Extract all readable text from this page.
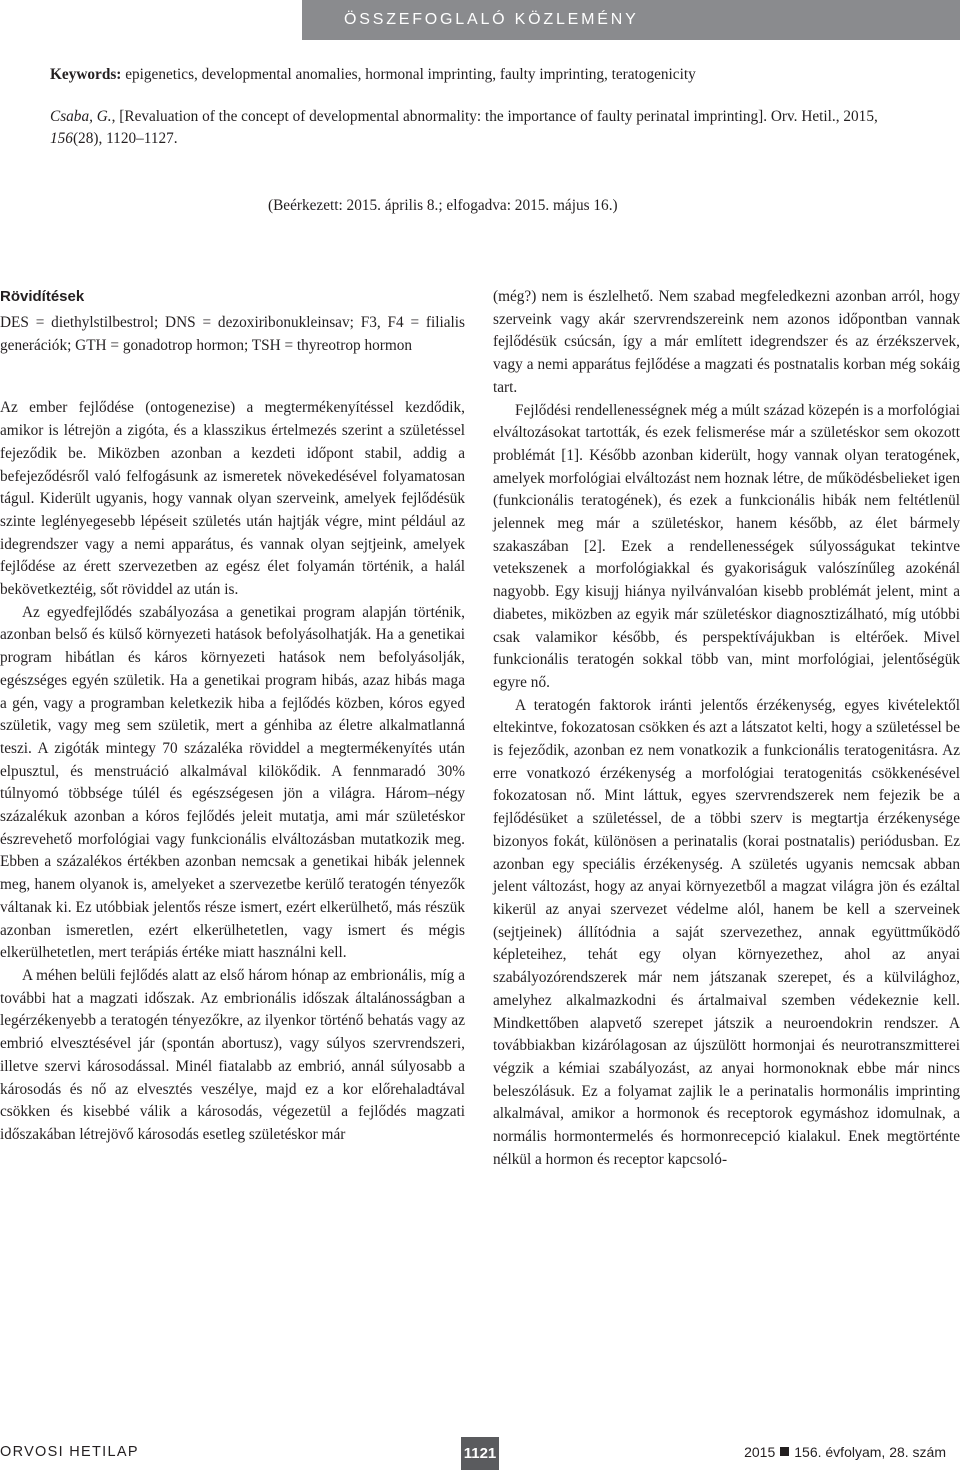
ÖSSZEFOGLALÓ KÖZLEMÉNY

Keywords: epigenetics, developmental anomalies, hormonal imprinting, faulty imprinting, teratogenicity

Csaba, G., [Revaluation of the concept of developmental abnormality: the importance of faulty perinatal imprinting]. Orv. Hetil., 2015, 156(28), 1120–1127.

(Beérkezett: 2015. április 8.; elfogadva: 2015. május 16.)

Rövidítések

DES = diethylstilbestrol; DNS = dezoxiribonukleinsav; F3, F4 = filialis generációk; GTH = gonadotrop hormon; TSH = thyreotrop hormon

Az ember fejlődése (ontogenezise) a megtermékenyítéssel kezdődik, amikor is létrejön a zigóta, és a klasszikus értelmezés szerint a születéssel fejeződik be. Miközben azonban a kezdeti időpont stabil, addig a befejeződésről való felfogásunk az ismeretek növekedésével folyamatosan tágul. Kiderült ugyanis, hogy vannak olyan szerveink, amelyek fejlődésük szinte leglényegesebb lépéseit születés után hajtják végre, mint például az idegrendszer vagy a nemi apparátus, és vannak olyan sejtjeink, amelyek fejlődése az érett szervezetben az egész élet folyamán történik, a halál bekövetkeztéig, sőt röviddel az után is.

Az egyedfejlődés szabályozása a genetikai program alapján történik, azonban belső és külső környezeti hatások befolyásolhatják. Ha a genetikai program hibátlan és káros környezeti hatások nem befolyásolják, egészséges egyén születik. Ha a genetikai program hibás, azaz hibás maga a gén, vagy a programban keletkezik hiba a fejlődés közben, kóros egyed születik, vagy meg sem születik, mert a génhiba az életre alkalmatlanná teszi. A zigóták mintegy 70 százaléka röviddel a megtermékenyítés után elpusztul, és menstruáció alkalmával kilökődik. A fennmaradó 30% túlnyomó többsége túlél és egészségesen jön a világra. Három–négy százalékuk azonban a kóros fejlődés jeleit mutatja, ami már születéskor észrevehető morfológiai vagy funkcionális elváltozásban mutatkozik meg. Ebben a százalékos értékben azonban nemcsak a genetikai hibák jelennek meg, hanem olyanok is, amelyeket a szervezetbe kerülő teratogén tényezők váltanak ki. Ez utóbbiak jelentős része ismert, ezért elkerülhető, más részük azonban ismeretlen, ezért elkerülhetetlen, vagy ismert és mégis elkerülhetetlen, mert terápiás értéke miatt használni kell.

A méhen belüli fejlődés alatt az első három hónap az embrionális, míg a további hat a magzati időszak. Az embrionális időszak általánosságban a legérzékenyebb a teratogén tényezőkre, az ilyenkor történő behatás vagy az embrió elvesztésével jár (spontán abortusz), vagy súlyos szervrendszeri, illetve szervi károsodással. Minél fiatalabb az embrió, annál súlyosabb a károsodás és nő az elvesztés veszélye, majd ez a kor előrehaladtával csökken és kisebbé válik a károsodás, végezetül a fejlődés magzati időszakában létrejövő károsodás esetleg születéskor már

(még?) nem is észlelhető. Nem szabad megfeledkezni azonban arról, hogy szerveink vagy akár szervrendszereink nem azonos időpontban vannak fejlődésük csúcsán, így a már említett idegrendszer és az érzékszervek, vagy a nemi apparátus fejlődése a magzati és postnatalis korban még sokáig tart.

Fejlődési rendellenességnek még a múlt század közepén is a morfológiai elváltozásokat tartották, és ezek felismerése már a születéskor sem okozott problémát [1]. Később azonban kiderült, hogy vannak olyan teratogének, amelyek morfológiai elváltozást nem hoznak létre, de működésbelieket igen (funkcionális teratogének), és ezek a funkcionális hibák nem feltétlenül jelennek meg már a születéskor, hanem később, az élet bármely szakaszában [2]. Ezek a rendellenességek súlyosságukat tekintve vetekszenek a morfológiakkal és gyakoriságuk valószínűleg azokénál nagyobb. Egy kisujj hiánya nyilvánvalóan kisebb problémát jelent, mint a diabetes, miközben az egyik már születéskor diagnosztizálható, míg utóbbi csak valamikor később, és perspektívájukban is eltérőek. Mivel funkcionális teratogén sokkal több van, mint morfológiai, jelentőségük egyre nő.

A teratogén faktorok iránti jelentős érzékenység, egyes kivételektől eltekintve, fokozatosan csökken és azt a látszatot kelti, hogy a születéssel be is fejeződik, azonban ez nem vonatkozik a funkcionális teratogenitásra. Az erre vonatkozó érzékenység a morfológiai teratogenitás csökkenésével fokozatosan nő. Mint láttuk, egyes szervrendszerek nem fejezik be a fejlődésüket a születéssel, de a többi szerv is megtartja érzékenysége bizonyos fokát, különösen a perinatalis (korai postnatalis) periódusban. Ez azonban egy speciális érzékenység. A születés ugyanis nemcsak abban jelent változást, hogy az anyai környezetből a magzat világra jön és ezáltal kikerül az anyai szervezet védelme alól, hanem be kell a szerveinek (sejtjeinek) állítódnia a saját szervezethez, annak együttműködő képleteihez, tehát egy olyan környezethez, ahol az anyai szabályozórendszerek már nem játszanak szerepet, és a külvilághoz, amelyhez alkalmazkodni és ártalmaival szemben védekeznie kell. Mindkettőben alapvető szerepet játszik a neuroendokrin rendszer. A továbbiakban kizárólagosan az újszülött hormonjai és neurotranszmitterei végzik a kémiai szabályozást, az anyai hormonoknak ebbe már nincs beleszólásuk. Ez a folyamat zajlik le a perinatalis hormonális imprinting alkalmával, amikor a hormonok és receptorok egymáshoz idomulnak, a normális hormontermelés és hormonrecepció kialakul. Enek megtörténte nélkül a hormon és receptor kapcsoló-

ORVOSI HETILAP	1121	2015 156. évfolyam, 28. szám
